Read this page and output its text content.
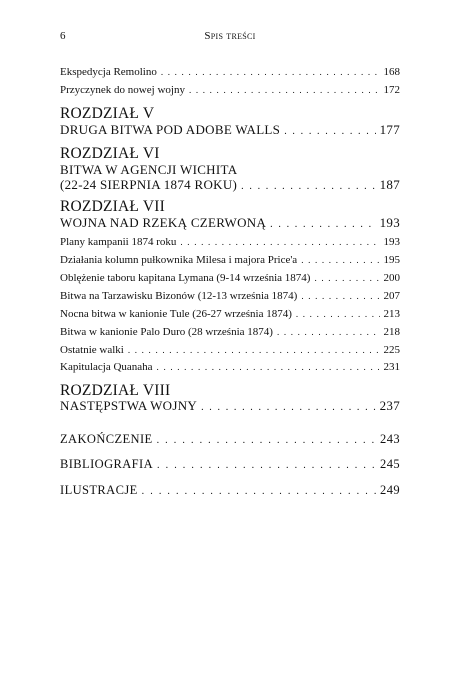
6	Spis treści
Ekspedycja Remolino . . .	168
Przyczynek do nowej wojny . . .	172
ROZDZIAŁ V
DRUGA BITWA POD ADOBE WALLS . . .	177
ROZDZIAŁ VI
BITWA W AGENCJI WICHITA
(22-24 SIERPNIA 1874 ROKU) . . .	187
ROZDZIAŁ VII
WOJNA NAD RZEKĄ CZERWONĄ . . .	193
Plany kampanii 1874 roku . . .	193
Działania kolumn pułkownika Milesa i majora Price'a . . .	195
Oblężenie taboru kapitana Lymana (9-14 września 1874) . . .	200
Bitwa na Tarzawisku Bizonów (12-13 września 1874) . . .	207
Nocna bitwa w kanionie Tule (26-27 września 1874) . . .	213
Bitwa w kanionie Palo Duro (28 września 1874) . . .	218
Ostatnie walki . . .	225
Kapitulacja Quanaha . . .	231
ROZDZIAŁ VIII
NASTĘPSTWA WOJNY . . .	237
ZAKOŃCZENIE . . .	243
BIBLIOGRAFIA . . .	245
ILUSTRACJE . . .	249
